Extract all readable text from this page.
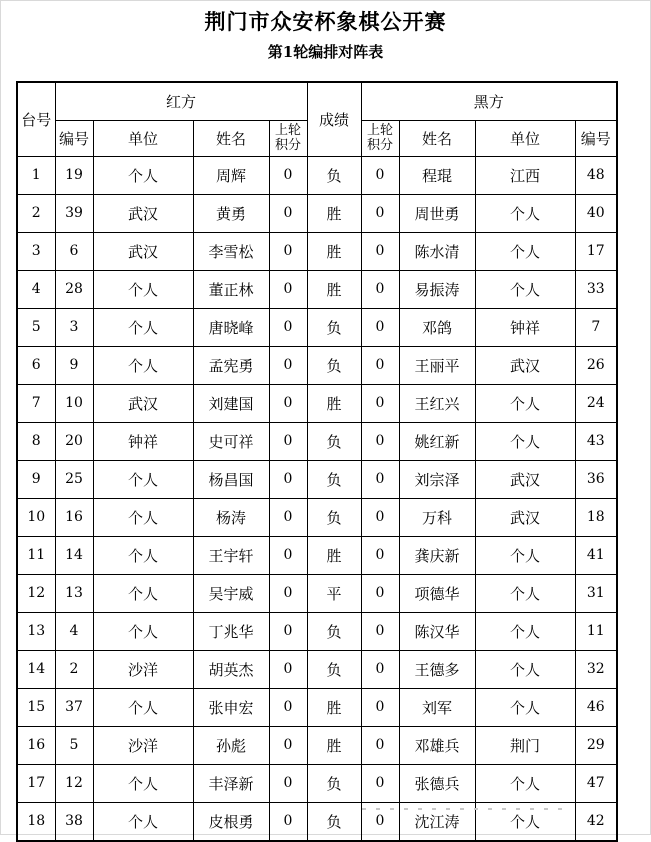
荆门市众安杯象棋公开赛
第1轮编排对阵表
台号	红方				成绩	黑方			
	编号	单位	姓名	上轮积分		上轮积分	姓名	单位	编号
1	19	个人	周辉	0	负	0	程琨	江西	48
2	39	武汉	黄勇	0	胜	0	周世勇	个人	40
3	6	武汉	李雪松	0	胜	0	陈水清	个人	17
4	28	个人	董正林	0	胜	0	易振涛	个人	33
5	3	个人	唐晓峰	0	负	0	邓鸽	钟祥	7
6	9	个人	孟宪勇	0	负	0	王丽平	武汉	26
7	10	武汉	刘建国	0	胜	0	王红兴	个人	24
8	20	钟祥	史可祥	0	负	0	姚红新	个人	43
9	25	个人	杨昌国	0	负	0	刘宗泽	武汉	36
10	16	个人	杨涛	0	负	0	万科	武汉	18
11	14	个人	王宇轩	0	胜	0	龚庆新	个人	41
12	13	个人	吴宇威	0	平	0	项德华	个人	31
13	4	个人	丁兆华	0	负	0	陈汉华	个人	11
14	2	沙洋	胡英杰	0	负	0	王德多	个人	32
15	37	个人	张申宏	0	胜	0	刘军	个人	46
16	5	沙洋	孙彪	0	胜	0	邓雄兵	荆门	29
17	12	个人	丰泽新	0	负	0	张德兵	个人	47
18	38	个人	皮根勇	0	负	0	沈江涛	个人	42
